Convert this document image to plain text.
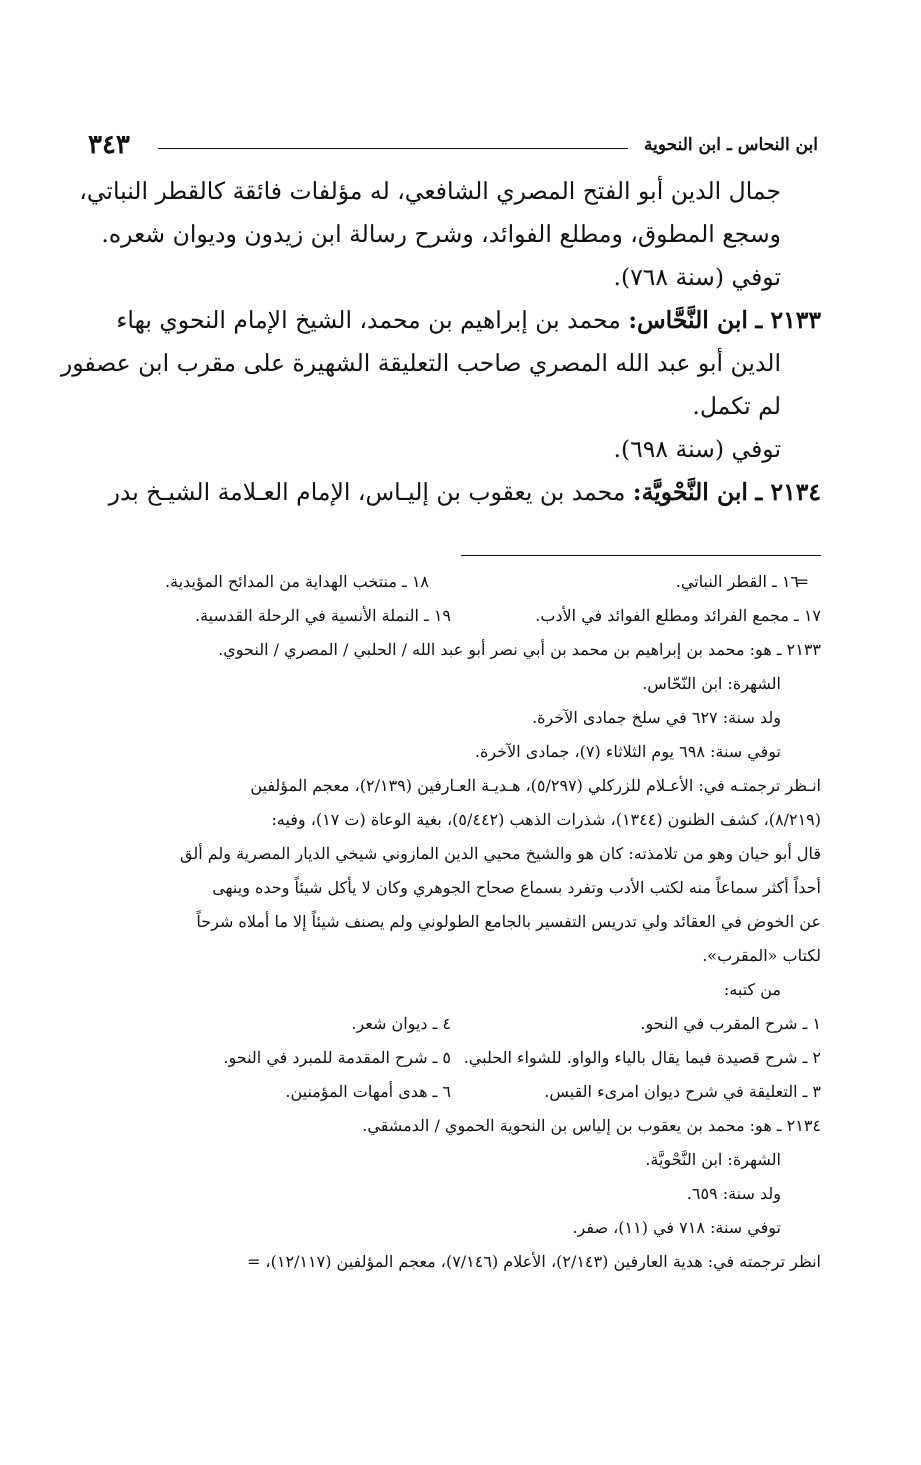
٣٤٣	ابن النحاس ـ ابن النحوية
جمال الدين أبو الفتح المصري الشافعي، له مؤلفات فائقة كالقطر النباتي،
وسجع المطوق، ومطلع الفوائد، وشرح رسالة ابن زيدون وديوان شعره.
توفي (سنة ٧٦٨).
٢١٣٣ ـ ابن النَّحَّاس: محمد بن إبراهيم بن محمد، الشيخ الإمام النحوي بهاء
الدين أبو عبد الله المصري صاحب التعليقة الشهيرة على مقرب ابن عصفور
لم تكمل.
توفي (سنة ٦٩٨).
٢١٣٤ ـ ابن النَّحْويَّة: محمد بن يعقوب بن إليـاس، الإمام العـلامة الشيـخ بدر
=
١٦ ـ القطر النباتي.
١٨ ـ منتخب الهداية من المدائح المؤيدية.
١٧ ـ مجمع الفرائد ومطلع الفوائد في الأدب.
١٩ ـ النملة الأنسية في الرحلة القدسية.
٢١٣٣ ـ هو: محمد بن إبراهيم بن محمد بن أبي نصر أبو عبد الله / الحلبي / المصري / النحوي.
الشهرة: ابن النّحّاس.
ولد سنة: ٦٢٧ في سلخ جمادى الآخرة.
توفي سنة: ٦٩٨ يوم الثلاثاء (٧)، جمادى الآخرة.
انـظر ترجمتـه في: الأعـلام للزركلي (٥/٢٩٧)، هـديـة العـارفين (٢/١٣٩)، معجم المؤلفين
(٨/٢١٩)، كشف الظنون (١٣٤٤)، شذرات الذهب (٥/٤٤٢)، بغية الوعاة (ت ١٧)، وفيه:
قال أبو حيان وهو من تلامذته: كان هو والشيخ محيي الدين المازوني شيخي الديار المصرية ولم ألق
أحداً أكثر سماعاً منه لكتب الأدب وتفرد بسماع صحاح الجوهري وكان لا يأكل شيئاً وحده وينهى
عن الخوض في العقائد ولي تدريس التفسير بالجامع الطولوني ولم يصنف شيئاً إلا ما أملاه شرحاً
لكتاب «المقرب».
من كتبه:
١ ـ شرح المقرب في النحو.
٤ ـ ديوان شعر.
٢ ـ شرح قصيدة فيما يقال بالياء والواو. للشواء الحلبي.
٥ ـ شرح المقدمة للمبرد في النحو.
٣ ـ التعليقة في شرح ديوان امرىء القيس.
٦ ـ هدى أمهات المؤمنين.
٢١٣٤ ـ هو: محمد بن يعقوب بن إلياس بن النحوية الحموي / الدمشقي.
الشهرة: ابن النَّحْويَّة.
ولد سنة: ٦٥٩.
توفي سنة: ٧١٨ في (١١)، صفر.
انظر ترجمته في: هدية العارفين (٢/١٤٣)، الأعلام (٧/١٤٦)، معجم المؤلفين (١٢/١١٧)، =
